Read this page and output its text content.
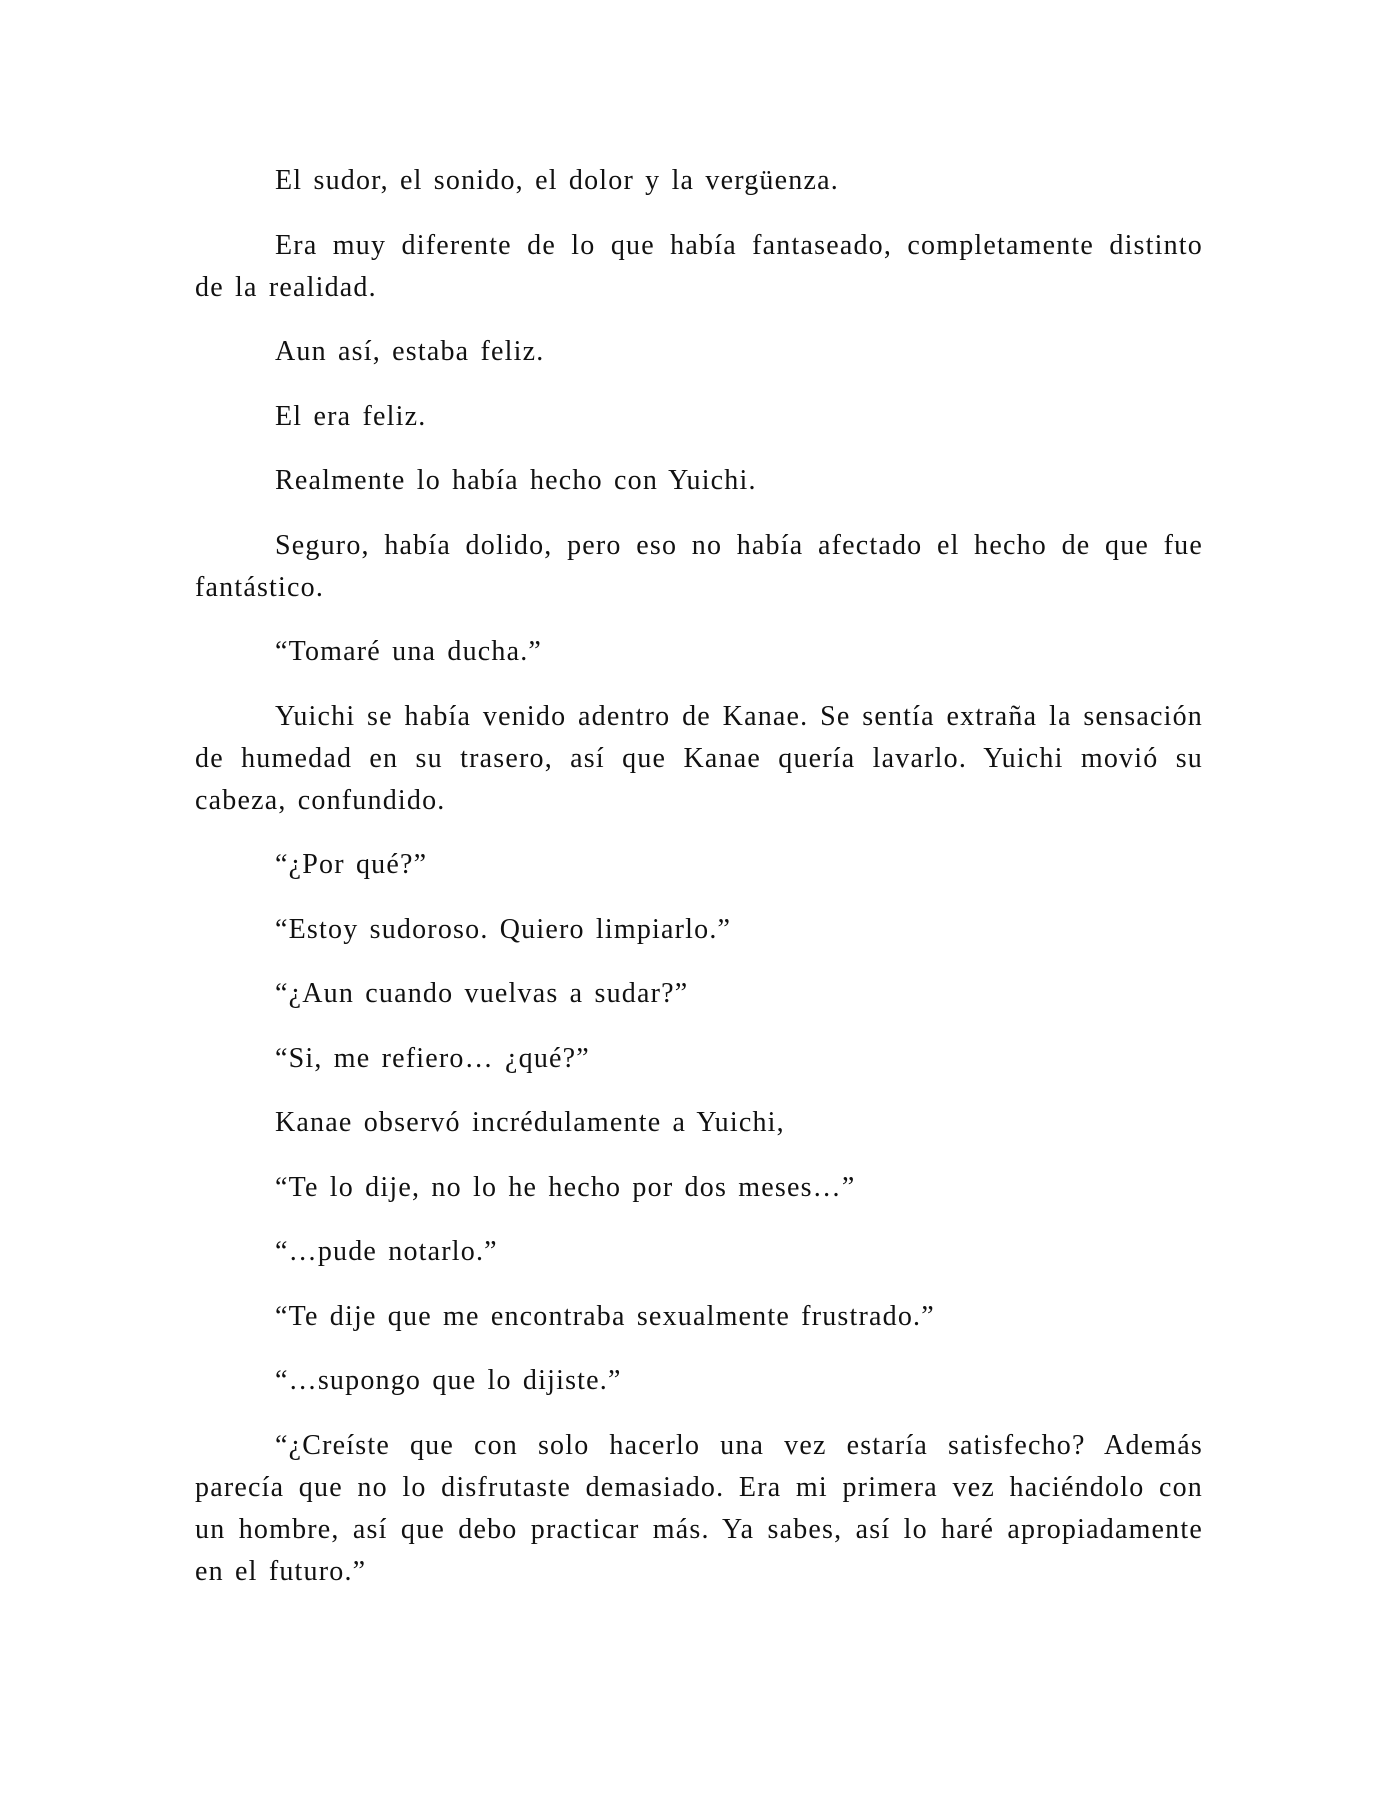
El sudor, el sonido, el dolor y la vergüenza.

Era muy diferente de lo que había fantaseado, completamente distinto de la realidad.

Aun así, estaba feliz.

El era feliz.

Realmente lo había hecho con Yuichi.

Seguro, había dolido, pero eso no había afectado el hecho de que fue fantástico.

“Tomaré una ducha.”

Yuichi se había venido adentro de Kanae. Se sentía extraña la sensación de humedad en su trasero, así que Kanae quería lavarlo. Yuichi movió su cabeza, confundido.

“¿Por qué?”

“Estoy sudoroso. Quiero limpiarlo.”

“¿Aun cuando vuelvas a sudar?”

“Si, me refiero… ¿qué?”

Kanae observó incrédulamente a Yuichi,

“Te lo dije, no lo he hecho por dos meses…”

“…pude notarlo.”

“Te dije que me encontraba sexualmente frustrado.”

“…supongo que lo dijiste.”

“¿Creíste que con solo hacerlo una vez estaría satisfecho? Además parecía que no lo disfrutaste demasiado. Era mi primera vez haciéndolo con un hombre, así que debo practicar más. Ya sabes, así lo haré apropiadamente en el futuro.”
